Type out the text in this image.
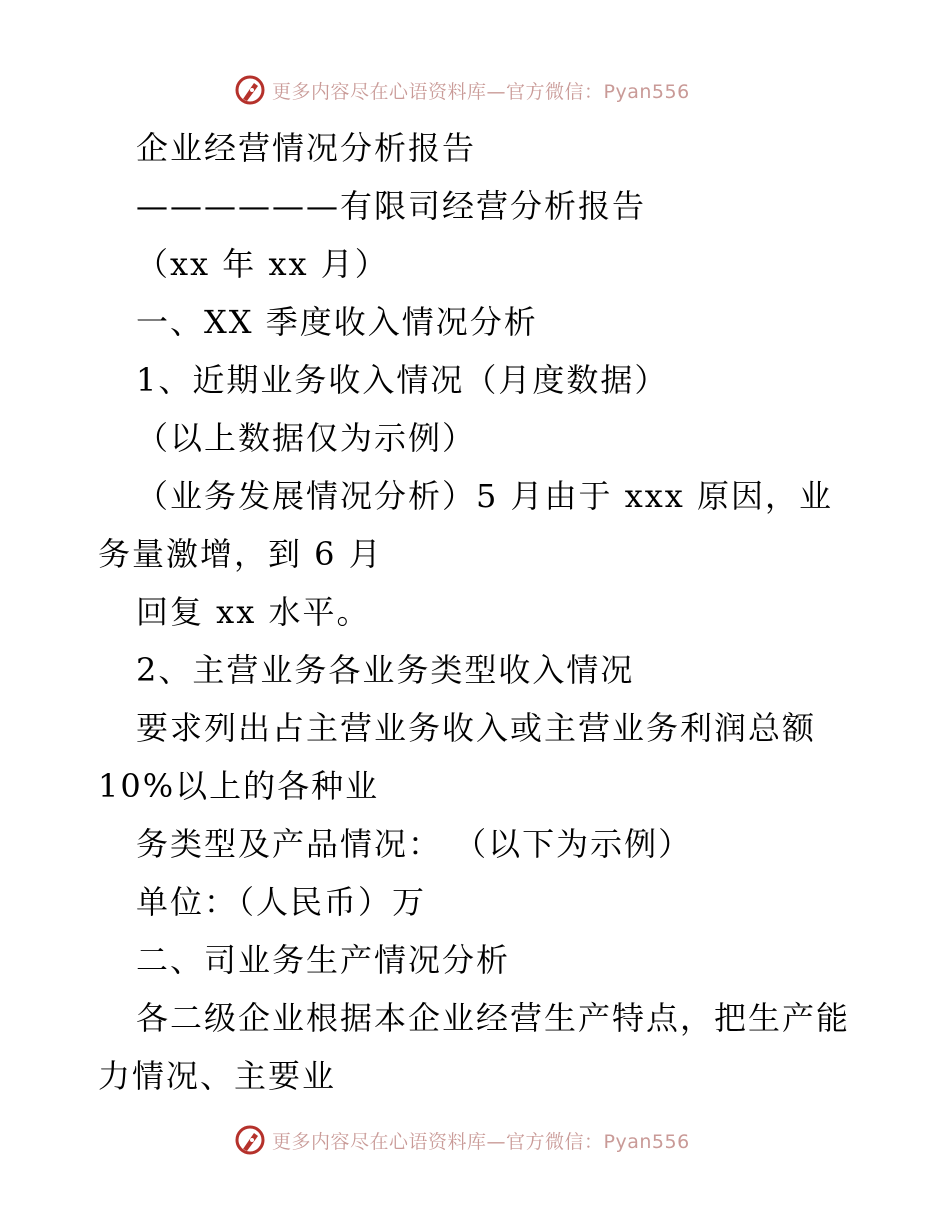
更多内容尽在心语资料库—官方微信：Pyan556
企业经营情况分析报告
——————有限司经营分析报告
（xx 年 xx 月）
一、XX 季度收入情况分析
1、近期业务收入情况（月度数据）
（以上数据仅为示例）
（业务发展情况分析）5 月由于 xxx 原因，业
务量激增，到 6 月
回复 xx 水平。
2、主营业务各业务类型收入情况
要求列出占主营业务收入或主营业务利润总额
10%以上的各种业
务类型及产品情况： （以下为示例）
单位：（人民币）万
二、司业务生产情况分析
各二级企业根据本企业经营生产特点，把生产能
力情况、主要业
更多内容尽在心语资料库—官方微信：Pyan556
